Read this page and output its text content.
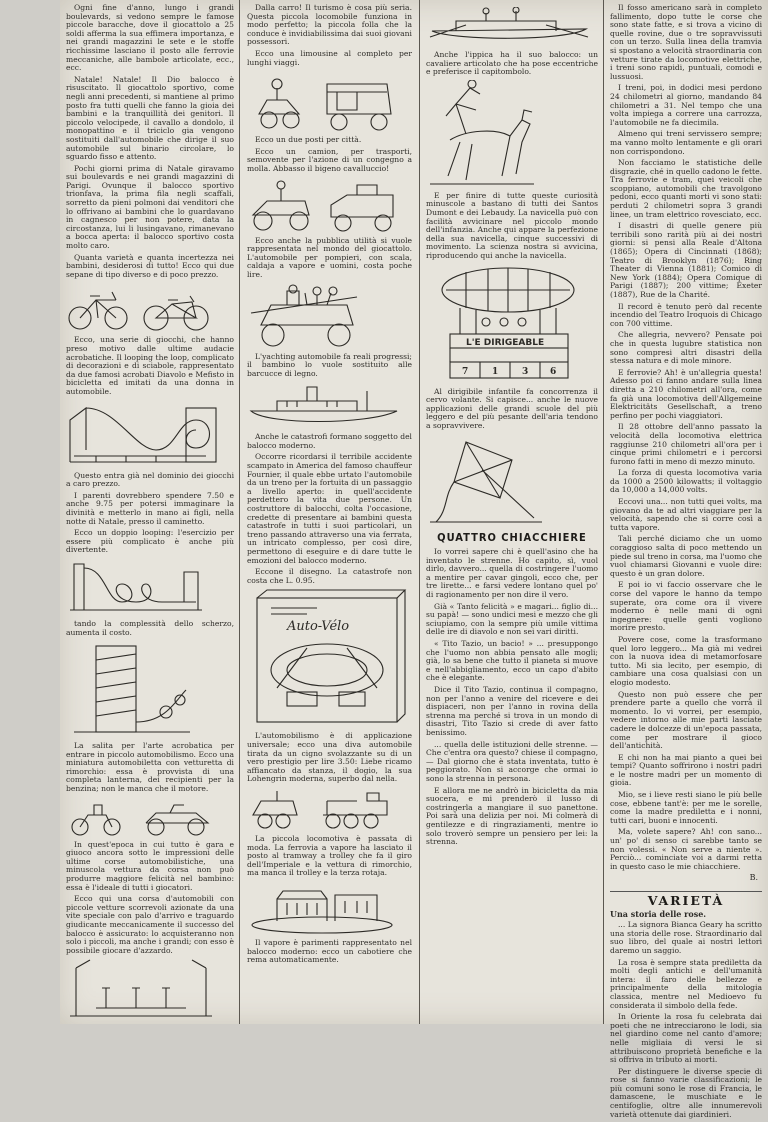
Ogni fine d'anno, lungo i grandi boulevards, si vedono sempre le famose piccole baracche, dove il giocattolo a 25 soldi afferma la sua effimera importanza, e nei grandi magazzini le sete e le stoffe ricchissime lasciano il posto alle ferrovie meccaniche, alle bambole articolate, ecc., ecc.

Natale! Natale! Il Dio balocco è risuscitato. Il giocattolo sportivo, come negli anni precedenti, si mantiene al primo posto fra tutti quelli che fanno la gioia dei bambini e la tranquillità dei genitori. Il piccolo velocipede, il cavallo a dondolo, il monopattino e il triciclo gia vengono sostituiti dall'automobile che dirige il suo automobile sul binario circolare, lo sguardo fisso e attento.

Pochi giorni prima di Natale giravamo sui boulevards e nei grandi magazzini di Parigi. Ovunque il balocco sportivo trionfava, la prima fila negli scaffali, sorretto da pieni polmoni dai venditori che lo offrivano ai bambini che lo guardavano in cagnesco per non potere, data la circostanza, lui li lusingavano, rimanevano a bocca aperta: il balocco sportivo costa molto caro.

Quanta varietà e quanta incertezza nei bambini, desiderosi di tutto! Ecco qui due sepane di tipo diverso e di poco prezzo.

Ecco, una serie di giocchi, che hanno preso motivo dalle ultime audacie acrobatiche. Il looping the loop, complicato di decorazioni e di sciabole, rappresentato da due famosi acrobati Diavolo e Mefisto in bicicletta ed imitati da una donna in automobile.

Questo entra già nel dominio dei giocchi a caro prezzo.

I parenti dovrebbero spendere 7.50 e anche 9.75 per potersi immaginare la divinità e metterlo in mano ai figli, nella notte di Natale, presso il caminetto.

Ecco un doppio looping: l'esercizio per essere più complicato è anche più divertente.

tando la complessità dello scherzo, aumenta il costo.

La salita per l'arte acrobatica per entrare in piccolo automobilismo. Ecco una miniatura automobiletta con vetturetta di rimorchio: essa è provvista di una completa lanterna, dei recipienti per la benzina; non le manca che il motore.

In quest'epoca in cui tutto è gara e giuoco ancora sotto le impressioni delle ultime corse automobilistiche, una minuscola vettura da corsa non può produrre maggiore felicità nel bambino: essa è l'ideale di tutti i giocatori.

Ecco qui una corsa d'automobili con piccole vetture scorrevoli azionate da una vite speciale con palo d'arrivo e traguardo giudicante meccanicamente il successo del balocco è assicurato: lo acquisteranno non solo i piccoli, ma anche i grandi; con esso è possibile giocare d'azzardo.

Dalla carro! Il turismo è cosa più seria. Questa piccola locomobile funziona in modo perfetto; la piccola folla che la conduce è invidiabilissima dai suoi giovani possessori.

Ecco una limousine al completo per lunghi viaggi.

Ecco un due posti per città.

Ecco un camion, per trasporti, semovente per l'azione di un congegno a molla. Abbasso il bigeno cavalluccio!

Ecco anche la pubblica utilità si vuole rappresentata nel mondo del giocattolo. L'automobile per pompieri, con scala, caldaja a vapore e uomini, costa poche lire.

L'yachting automobile fa reali progressi; il bambino lo vuole sostituito alle barcucce di legno.

Anche le catastrofi formano soggetto del balocco moderno.

Occorre ricordarsi il terribile accidente scampato in America del famoso chauffeur Fournier, il quale ebbe urtato l'automobile da un treno per la fortuita di un passaggio a livello aperto: in quell'accidente perdettero la vita due persone. Un costruttore di balocchi, colta l'occasione, credette di presentare ai bambini questa catastrofe in tutti i suoi particolari, un treno passando attraverso una via ferrata, un intricato complesso, per così dire, permettono di eseguire e di dare tutte le emozioni del balocco moderno.

Eccone il disegno. La catastrofe non costa che L. 0.95.

Auto-Vélo

L'automobilismo è di applicazione universale; ecco una diva automobile tirata da un cigno svolazzante su di un vero prestigio per lire 3.50: Liebe ricamo affiancato da stanza, il dogio, la sua Lohengrin moderna, superbo dal nella.

La piccola locomotiva è passata di moda. La ferrovia a vapore ha lasciato il posto al tramway a trolley che fa il giro dell'Imperiale e la vettura di rimorchio, ma manca il trolley e la terza rotaja.

Il vapore è parimenti rappresentato nel balocco moderno: ecco un cabotiere che rema automaticamente.

Anche l'ippica ha il suo balocco: un cavaliere articolato che ha pose eccentriche e preferisce il capitombolo.

E per finire di tutte queste curiosità minuscole a bastano di tutti dei Santos Dumont e dei Lebaudy. La navicella può con facilità avvicinare nel piccolo mondo dell'infanzia. Anche qui appare la perfezione della sua navicella, cinque successivi di movimento. La scienza nostra si avvicina, riproducendo qui anche la navicella.

L'E DIRIGEABLE
7	1	3 6

Al dirigibile infantile fa concorrenza il cervo volante. Si capisce... anche le nuove applicazioni delle grandi scuole del più leggero e del più pesante dell'aria tendono a sopravvivere.

QUATTRO CHIACCHIERE

Io vorrei sapere chi è quell'asino che ha inventato le strenne. Ho capito, sì, vuol dirlo, davvero... quella di costringere l'uomo a mentire per cavar gingoli, ecco che, per tre lirette... e farsi vedere lontano quel po' di ragionamento per non dire il vero.

Già « Tanto felicità » e magari... figlio di... su papà! — sono undici mesi e mezzo che gli sciupiamo, con la sempre più umile vittima delle ire di diavolo e non sei vari diritti.

« Tito Tazio, un bacio! » ... presuppongo che l'uomo non abbia pensato alle mogli; già, lo sa bene che tutto il pianeta si muove e nell'abbigliamento, ecco un capo d'abito che è elegante.

Dice il Tito Tazio, continua il compagno, non per l'anno a venire del ricevere e dei dispiaceri, non per l'anno in rovina della strenna ma perché si trova in un mondo di disastri, Tito Tazio si crede di aver fatto benissimo.

... quella delle istituzioni delle strenne. — Che c'entra ora questo? chiese il compagno, — Dal giorno che è stata inventata, tutto è peggiorato. Non si accorge che ormai io sono la strenna in persona.

E allora me ne andrò in bicicletta da mia suocera, e mi prenderò il lusso di costringerla a mangiare il suo panettone. Poi sarà una delizia per noi. Mi colmerà di gentilezze e di ringraziamenti, mentre io solo troverò sempre un pensiero per lei: la strenna.

Il fosso americano sarà in completo fallimento, dopo tutte le corse che sono state fatte, e si trova a vicino di quelle rovine, due o tre sopravvissuti con un terzo. Sulla linea della tramvia si spostano a velocità straordinaria con vetture tirate da locomotive elettriche, i treni sono rapidi, puntuali, comodi e lussuosi.

I treni, poi, in dodici mesi perdono 24 chilometri al giorno, mandando 84 chilometri a 31. Nel tempo che una volta impiega a correre una carrozza, l'automobile ne fa diecimila.

Almeno qui treni servissero sempre; ma vanno molto lentamente e gli orari non corrispondono.

Non facciamo le statistiche delle disgrazie, ché in quello cadono le fette. Tra ferrovie e tram, quei veicoli che scoppiano, automobili che travolgono pedoni, ecco quanti morti vi sono stati: perduti 2 chilometri sopra 3 grandi linee, un tram elettrico rovesciato, ecc.

I disastri di quelle genere più terribili sono rarità più ai dei nostri giorni: si pensi alla Reale d'Altona (1865); Opera di Cincinnati (1868); Teatro di Brooklyn (1876); Ring Theater di Vienna (1881); Comico di New York (1884); Opera Comique di Parigi (1887); 200 vittime; Exeter (1887), Rue de la Charité.

Il record è tenuto però dal recente incendio del Teatro Iroquois di Chicago con 700 vittime.

Che allegria, nevvero? Pensate poi che in questa lugubre statistica non sono compresi altri disastri della stessa natura e di mole minore.

E ferrovie? Ah! è un'allegria questa! Adesso poi ci fanno andare sulla linea diretta a 210 chilometri all'ora, come fa già una locomotiva dell'Allgemeine Elektricitäts Gesellschaft, a treno perfino per pochi viaggiatori.

Il 28 ottobre dell'anno passato la velocità della locomotiva elettrica raggiunse 210 chilometri all'ora per i cinque primi chilometri e i percorsi furono fatti in meno di mezzo minuto.

La forza di questa locomotiva varia da 1000 a 2500 kilowatts; il voltaggio da 10,000 a 14,000 volts.

Eccovi una... non tutti quei volts, ma giovano da te ad altri viaggiare per la velocità, sapendo che si corre così a tutta vapore.

Tali perché diciamo che un uomo coraggioso salta di poco mettendo un piede sul treno in corsa, ma l'uomo che vuol chiamarsi Giovanni e vuole dire: questo è un gran dolore.

E poi io vi faccio osservare che le corse del vapore le hanno da tempo superate, ora come ora il vivere moderno è nelle mani di ogni ingegnere: quelle genti vogliono morire presto.

Povere cose, come la trasformano quel loro leggero... Ma già mi vedrei con la nuova idea di metamorfosare tutto. Mi sia lecito, per esempio, di cambiare una cosa qualsiasi con un elogio modesto.

Questo non può essere che per prendere parte a quello che vorrà il momento. Io vi vorrei, per esempio, vedere intorno alle mie parti lasciate cadere le dolcezze di un'epoca passata, come per mostrare il gioco dell'antichità.

E chi non ha mai pianto a quei bei tempi? Quanto soffrirono i nostri padri e le nostre madri per un momento di gioia.

Mio, se i lieve resti siano le più belle cose, ebbene tant'è: per me le sorelle, come la madre prediletta e i nonni, tutti cari, buoni e innocenti.

Ma, volete sapere? Ah! con sano... un' po' di senso ci sarebbe tanto se non volessi. « Non serve a niente ». Perciò... cominciate voi a darmi retta in questo caso le mie chiacchiere.

B.
VARIETÀ

Una storia delle rose.

... La signora Bianca Geary ha scritto una storia delle rose. Straordinario dal suo libro, del quale ai nostri lettori daremo un saggio.

La rosa è sempre stata prediletta da molti degli antichi e dell'umanità intera: il faro delle bellezze e principalmente della mitologia classica, mentre nel Medioevo fu considerata il simbolo della fede.

In Oriente la rosa fu celebrata dai poeti che ne intrecciarono le lodi, sia nel giardino come nel canto d'amore; nelle migliaia di versi le si attribuiscono proprietà benefiche e la si offriva in tributo ai morti.

Per distinguere le diverse specie di rose si fanno varie classificazioni; le più comuni sono le rose di Francia, le damascene, le muschiate e le centifoglie, oltre alle innumerevoli varietà ottenute dai giardinieri.
